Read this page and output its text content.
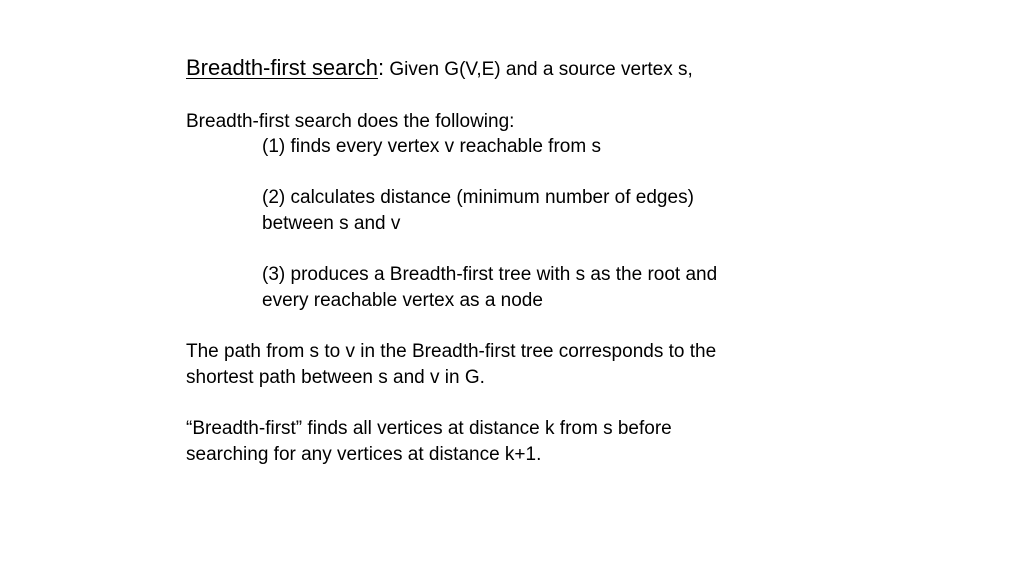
Breadth-first search: Given G(V,E) and a source vertex s,
Breadth-first search does the following:
(1) finds every vertex v reachable from s
(2) calculates distance (minimum number of edges)
between s and v
(3) produces a Breadth-first tree with s as the root and
every reachable vertex as a node
The path from s to v in the Breadth-first tree corresponds to the
shortest path between s and v in G.
“Breadth-first” finds all vertices at distance k from s before
searching for any vertices at distance k+1.
